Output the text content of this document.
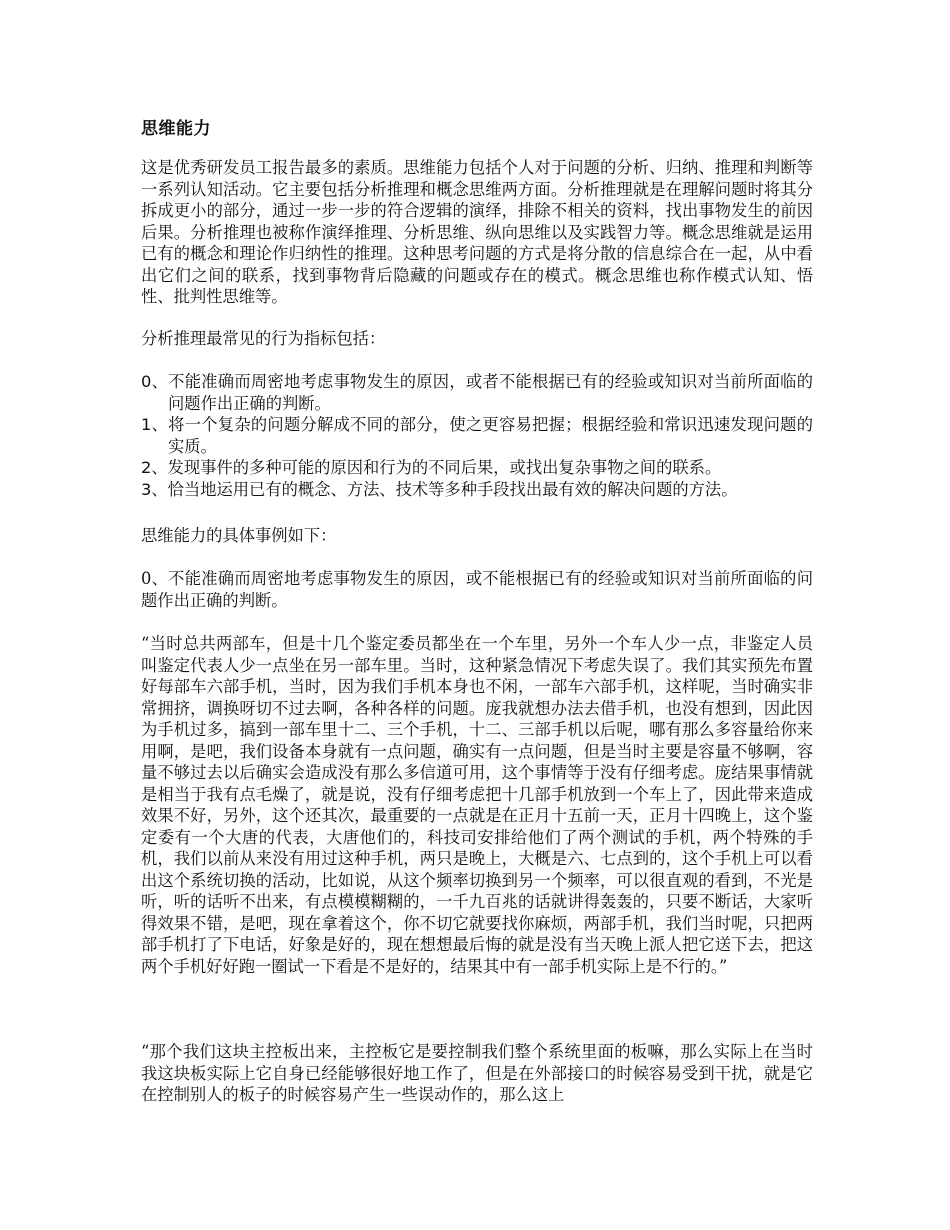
思维能力

这是优秀研发员工报告最多的素质。思维能力包括个人对于问题的分析、归纳、推理和判断等一系列认知活动。它主要包括分析推理和概念思维两方面。分析推理就是在理解问题时将其分拆成更小的部分，通过一步一步的符合逻辑的演绎，排除不相关的资料，找出事物发生的前因后果。分析推理也被称作演绎推理、分析思维、纵向思维以及实践智力等。概念思维就是运用已有的概念和理论作归纳性的推理。这种思考问题的方式是将分散的信息综合在一起，从中看出它们之间的联系，找到事物背后隐藏的问题或存在的模式。概念思维也称作模式认知、悟性、批判性思维等。

分析推理最常见的行为指标包括：

0、不能准确而周密地考虑事物发生的原因，或者不能根据已有的经验或知识对当前所面临的问题作出正确的判断。
1、将一个复杂的问题分解成不同的部分，使之更容易把握；根据经验和常识迅速发现问题的实质。
2、发现事件的多种可能的原因和行为的不同后果，或找出复杂事物之间的联系。
3、恰当地运用已有的概念、方法、技术等多种手段找出最有效的解决问题的方法。

思维能力的具体事例如下：

0、不能准确而周密地考虑事物发生的原因，或不能根据已有的经验或知识对当前所面临的问题作出正确的判断。

“当时总共两部车，但是十几个鉴定委员都坐在一个车里，另外一个车人少一点，非鉴定人员叫鉴定代表人少一点坐在另一部车里。当时，这种紧急情况下考虑失误了。我们其实预先布置好每部车六部手机，当时，因为我们手机本身也不闲，一部车六部手机，这样呢，当时确实非常拥挤，调换呀切不过去啊，各种各样的问题。庞我就想办法去借手机，也没有想到，因此因为手机过多，搞到一部车里十二、三个手机，十二、三部手机以后呢，哪有那么多容量给你来用啊，是吧，我们设备本身就有一点问题，确实有一点问题，但是当时主要是容量不够啊，容量不够过去以后确实会造成没有那么多信道可用，这个事情等于没有仔细考虑。庞结果事情就是相当于我有点毛燥了，就是说，没有仔细考虑把十几部手机放到一个车上了，因此带来造成效果不好，另外，这个还其次，最重要的一点就是在正月十五前一天，正月十四晚上，这个鉴定委有一个大唐的代表，大唐他们的，科技司安排给他们了两个测试的手机，两个特殊的手机，我们以前从来没有用过这种手机，两只是晚上，大概是六、七点到的，这个手机上可以看出这个系统切换的活动，比如说，从这个频率切换到另一个频率，可以很直观的看到，不光是听，听的话听不出来，有点模模糊糊的，一千九百兆的话就讲得轰轰的，只要不断话，大家听得效果不错，是吧，现在拿着这个，你不切它就要找你麻烦，两部手机，我们当时呢，只把两部手机打了下电话，好象是好的，现在想想最后悔的就是没有当天晚上派人把它送下去，把这两个手机好好跑一圈试一下看是不是好的，结果其中有一部手机实际上是不行的。”

“那个我们这块主控板出来，主控板它是要控制我们整个系统里面的板嘛，那么实际上在当时我这块板实际上它自身已经能够很好地工作了，但是在外部接口的时候容易受到干扰，就是它在控制别人的板子的时候容易产生一些误动作的，那么这上
